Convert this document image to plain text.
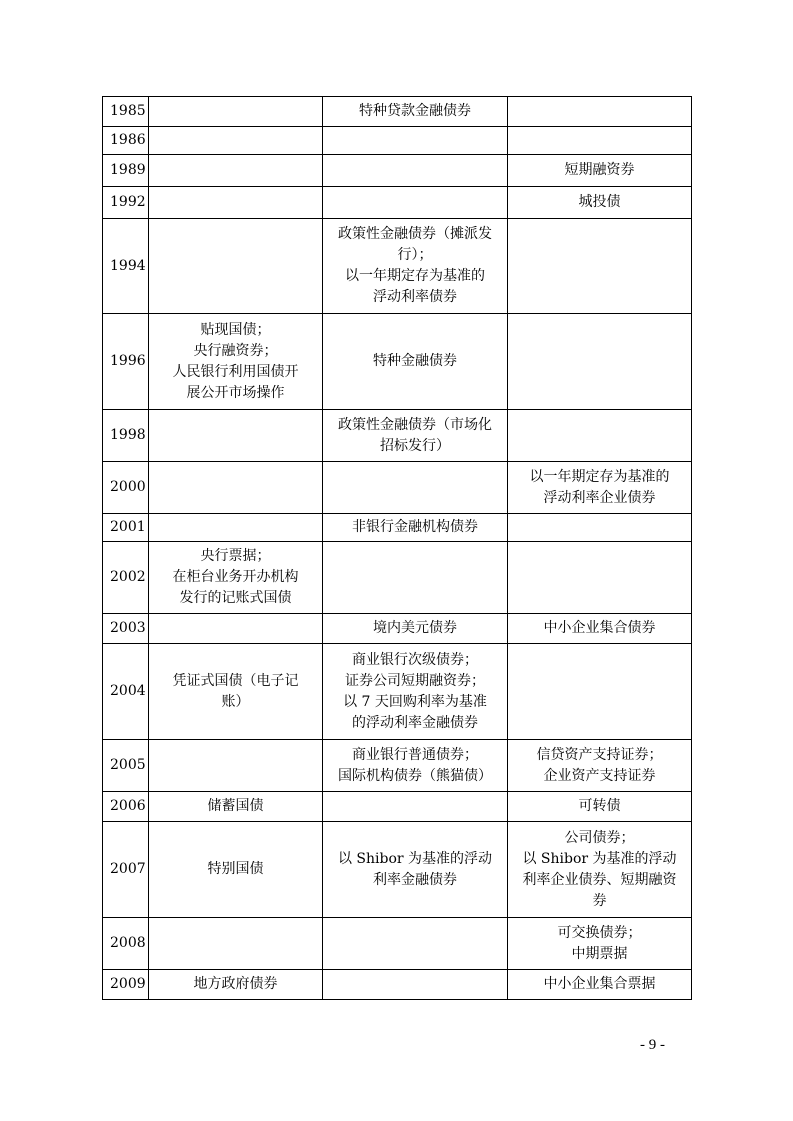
1985		特种贷款金融债券	

1986			
1989			短期融资券

1992			城投债

1994		政策性金融债券（摊派发
行）；
以一年期定存为基准的
浮动利率债券	

1996	贴现国债；
央行融资券；
人民银行利用国债开
展公开市场操作	特种金融债券	

1998		政策性金融债券（市场化
招标发行）	

2000			以一年期定存为基准的
浮动利率企业债券

2001		非银行金融机构债券	

2002	央行票据；
在柜台业务开办机构
发行的记账式国债		

2003		境内美元债券	中小企业集合债券

2004	凭证式国债（电子记
账）	商业银行次级债券；
证券公司短期融资券；
以 7 天回购利率为基准
的浮动利率金融债券	

2005		商业银行普通债券；
国际机构债券（熊猫债）	信贷资产支持证券；
企业资产支持证券

2006	储蓄国债		可转债

2007	特别国债	以 Shibor 为基准的浮动
利率金融债券	公司债券；
以 Shibor 为基准的浮动
利率企业债券、短期融资
券

2008			可交换债券；
中期票据

2009	地方政府债券		中小企业集合票据
- 9 -
